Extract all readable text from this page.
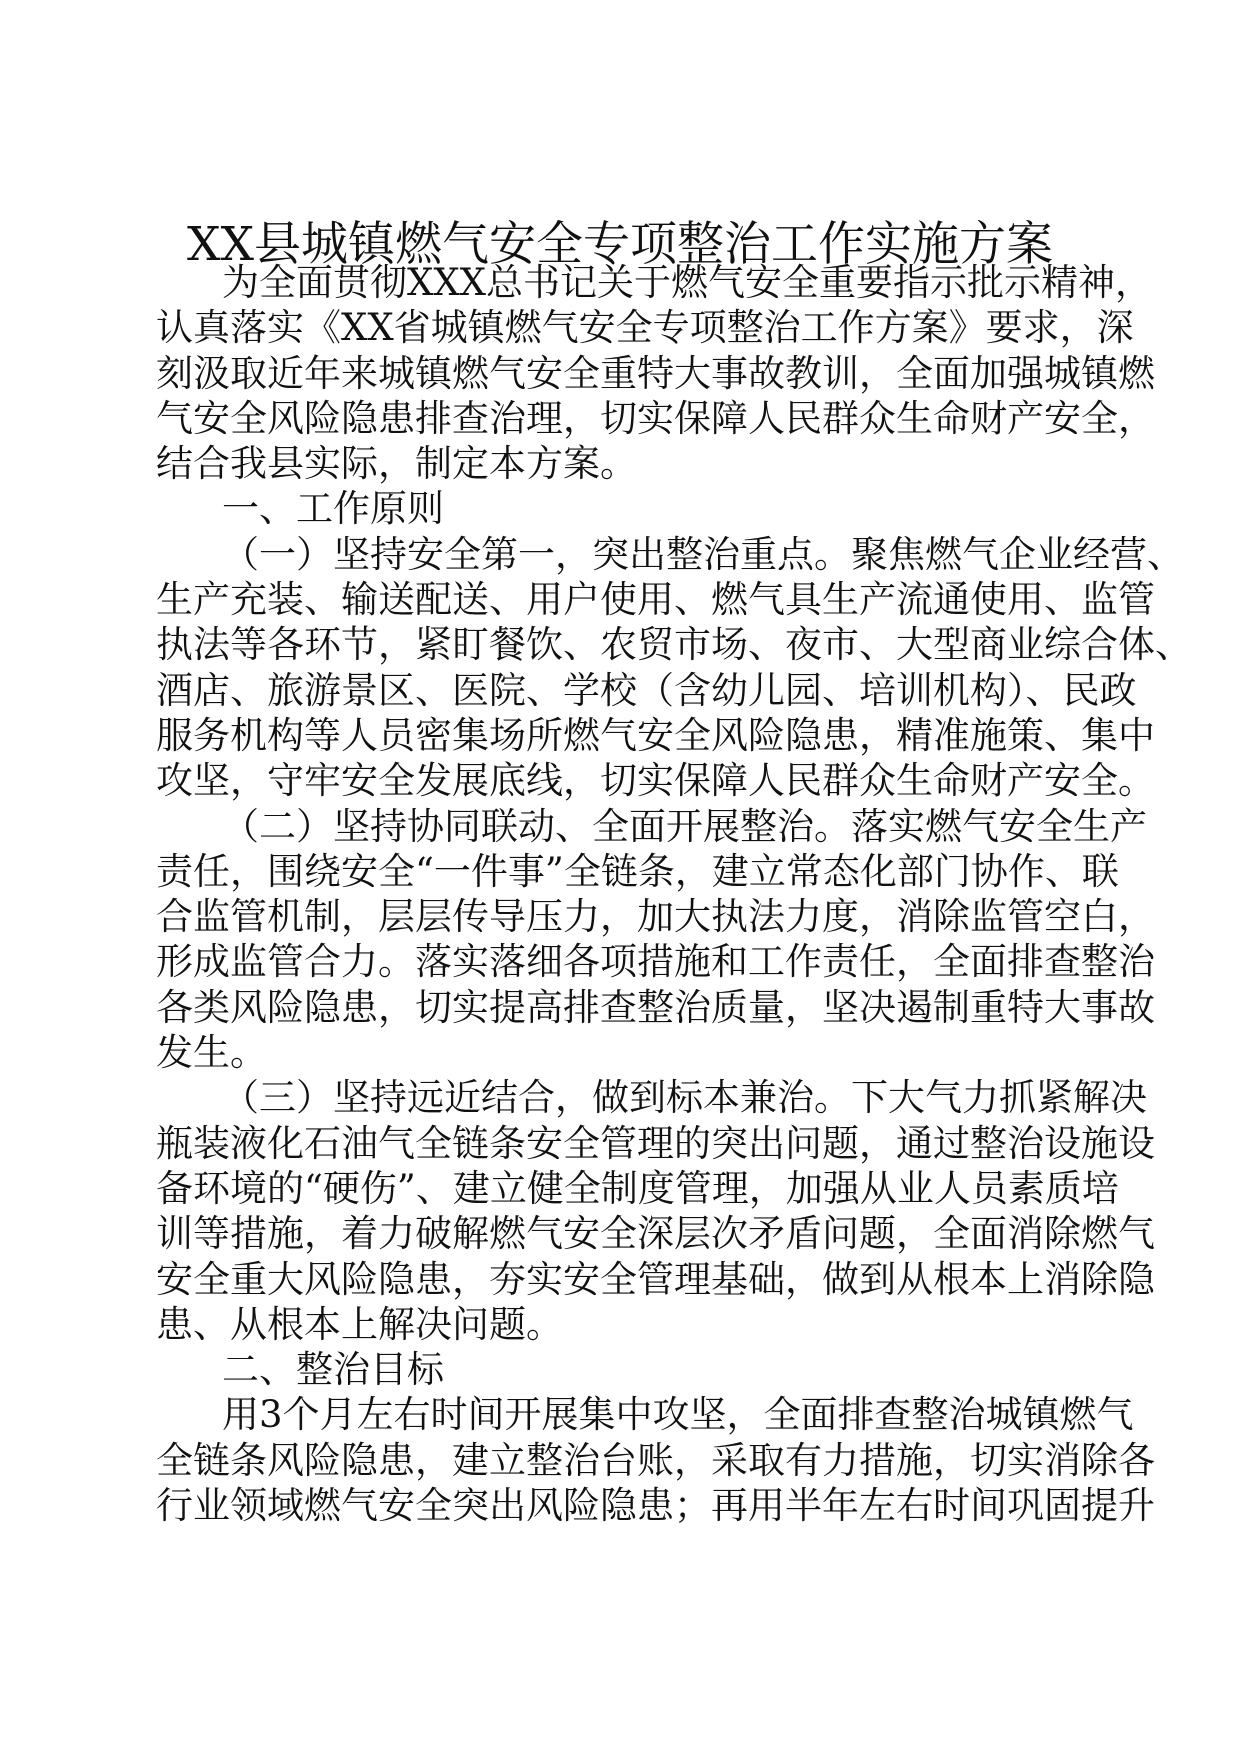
XX县城镇燃气安全专项整治工作实施方案
为全面贯彻XXX总书记关于燃气安全重要指示批示精神，
认真落实《XX省城镇燃气安全专项整治工作方案》要求，深
刻汲取近年来城镇燃气安全重特大事故教训，全面加强城镇燃
气安全风险隐患排查治理，切实保障人民群众生命财产安全，
结合我县实际，制定本方案。
一、工作原则
（一）坚持安全第一，突出整治重点。聚焦燃气企业经营、
生产充装、输送配送、用户使用、燃气具生产流通使用、监管
执法等各环节，紧盯餐饮、农贸市场、夜市、大型商业综合体、
酒店、旅游景区、医院、学校（含幼儿园、培训机构）、民政
服务机构等人员密集场所燃气安全风险隐患，精准施策、集中
攻坚，守牢安全发展底线，切实保障人民群众生命财产安全。
（二）坚持协同联动、全面开展整治。落实燃气安全生产
责任，围绕安全“一件事”全链条，建立常态化部门协作、联
合监管机制，层层传导压力，加大执法力度，消除监管空白，
形成监管合力。落实落细各项措施和工作责任，全面排查整治
各类风险隐患，切实提高排查整治质量，坚决遏制重特大事故
发生。
（三）坚持远近结合，做到标本兼治。下大气力抓紧解决
瓶装液化石油气全链条安全管理的突出问题，通过整治设施设
备环境的“硬伤”、建立健全制度管理，加强从业人员素质培
训等措施，着力破解燃气安全深层次矛盾问题，全面消除燃气
安全重大风险隐患，夯实安全管理基础，做到从根本上消除隐
患、从根本上解决问题。
二、整治目标
用3个月左右时间开展集中攻坚，全面排查整治城镇燃气
全链条风险隐患，建立整治台账，采取有力措施，切实消除各
行业领域燃气安全突出风险隐患；再用半年左右时间巩固提升
